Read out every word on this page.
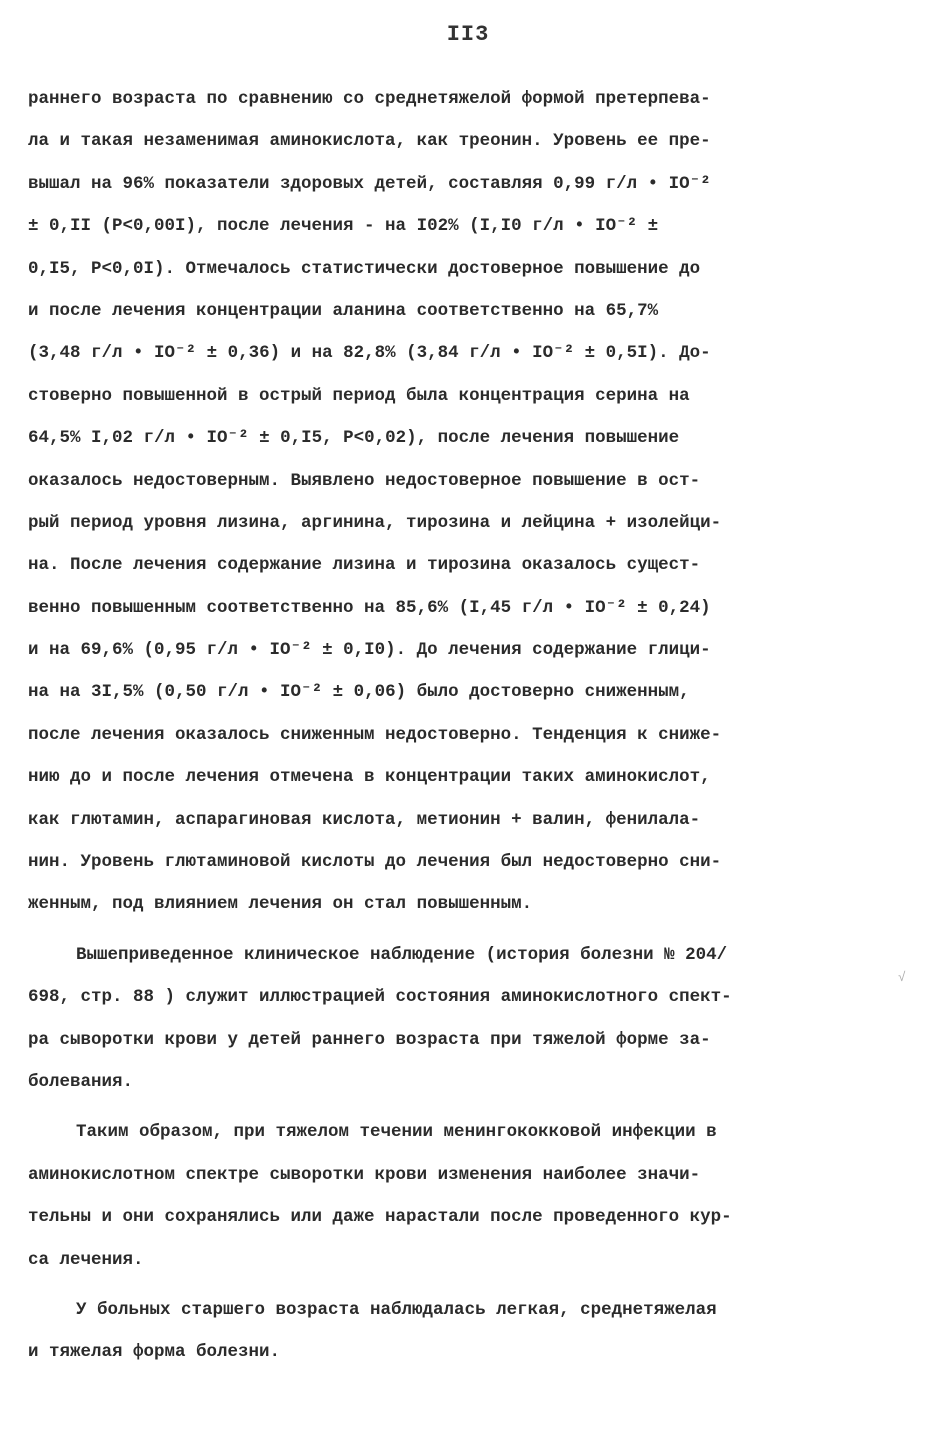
II3
раннего возраста по сравнению со среднетяжелой формой претерпева-
ла и такая незаменимая аминокислота, как треонин. Уровень ее пре-
вышал на 96% показатели здоровых детей, составляя 0,99 г/л • IO⁻²
± 0,II (P<0,00I), после лечения - на I02% (I,I0 г/л • IO⁻² ±
0,I5, P<0,0I). Отмечалось статистически достоверное повышение до
и после лечения концентрации аланина соответственно на 65,7%
(3,48 г/л • IO⁻² ± 0,36) и на 82,8% (3,84 г/л • IO⁻² ± 0,5I). До-
стоверно повышенной в острый период была концентрация серина на
64,5% I,02 г/л • IO⁻² ± 0,I5, P<0,02), после лечения повышение
оказалось недостоверным. Выявлено недостоверное повышение в ост-
рый период уровня лизина, аргинина, тирозина и лейцина + изолейци-
на. После лечения содержание лизина и тирозина оказалось сущест-
венно повышенным соответственно на 85,6% (I,45 г/л • IO⁻² ± 0,24)
и на 69,6% (0,95 г/л • IO⁻² ± 0,I0). До лечения содержание глици-
на на 3I,5% (0,50 г/л • IO⁻² ± 0,06) было достоверно сниженным,
после лечения оказалось сниженным недостоверно. Тенденция к сниже-
нию до и после лечения отмечена в концентрации таких аминокислот,
как глютамин, аспарагиновая кислота, метионин + валин, фенилала-
нин. Уровень глютаминовой кислоты до лечения был недостоверно сни-
женным, под влиянием лечения он стал повышенным.
Вышеприведенное клиническое наблюдение (история болезни № 204/
698, стр. 88 ) служит иллюстрацией состояния аминокислотного спект-
ра сыворотки крови у детей раннего возраста при тяжелой форме за-
болевания.
Таким образом, при тяжелом течении менингококковой инфекции в
аминокислотном спектре сыворотки крови изменения наиболее значи-
тельны и они сохранялись или даже нарастали после проведенного кур-
са лечения.
У больных старшего возраста наблюдалась легкая, среднетяжелая
и тяжелая форма болезни.
√
